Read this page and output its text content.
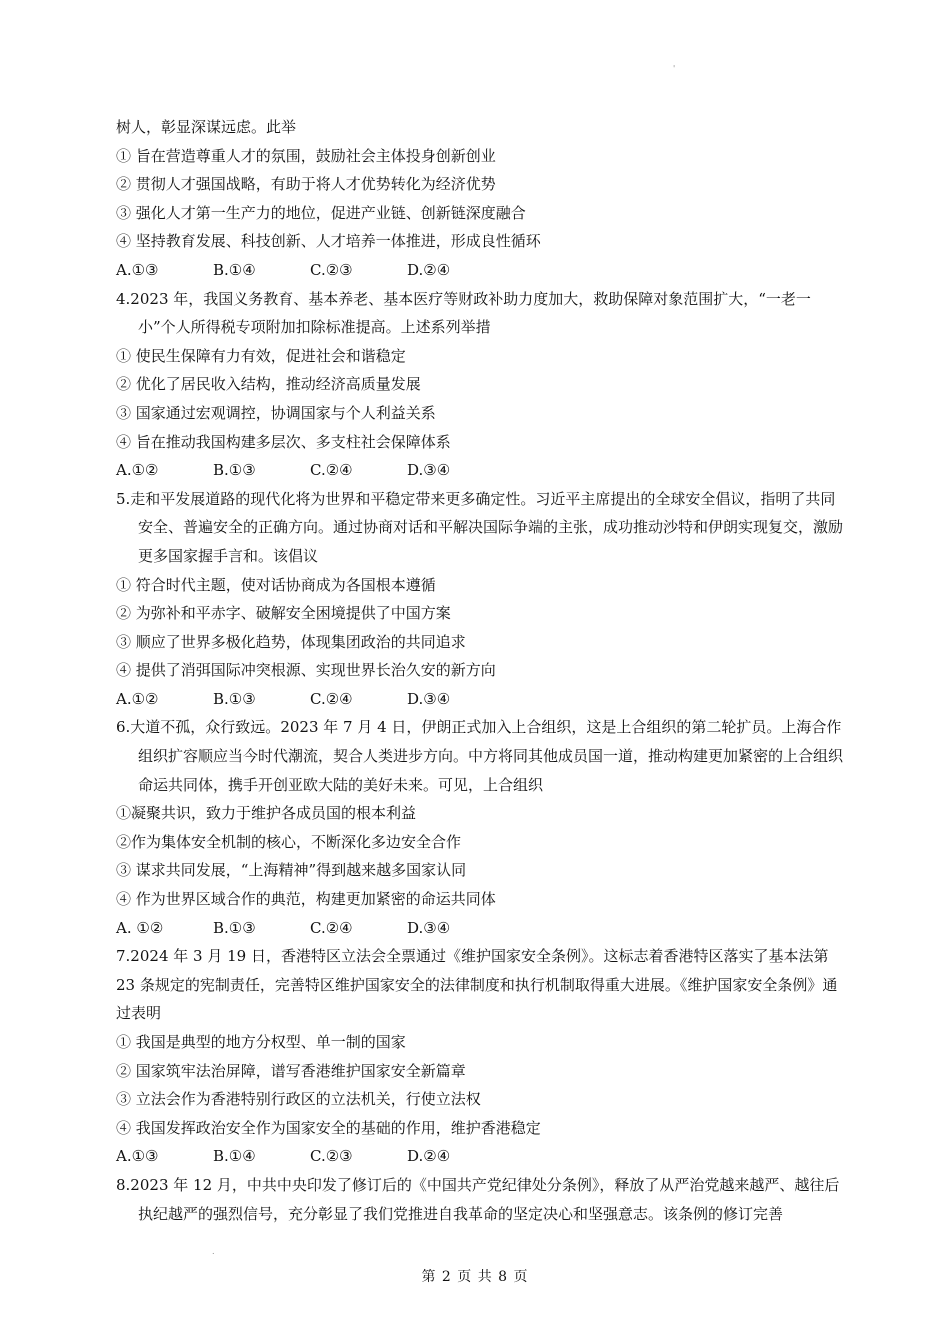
'
树人，彰显深谋远虑。此举
① 旨在营造尊重人才的氛围，鼓励社会主体投身创新创业
② 贯彻人才强国战略，有助于将人才优势转化为经济优势
③ 强化人才第一生产力的地位，促进产业链、创新链深度融合
④ 坚持教育发展、科技创新、人才培养一体推进，形成良性循环
A.①③	B.①④	C.②③	D.②④
4.2023 年，我国义务教育、基本养老、基本医疗等财政补助力度加大，救助保障对象范围扩大，“一老一小”个人所得税专项附加扣除标准提高。上述系列举措
① 使民生保障有力有效，促进社会和谐稳定
② 优化了居民收入结构，推动经济高质量发展
③ 国家通过宏观调控，协调国家与个人利益关系
④ 旨在推动我国构建多层次、多支柱社会保障体系
A.①②	B.①③	C.②④	D.③④
5.走和平发展道路的现代化将为世界和平稳定带来更多确定性。习近平主席提出的全球安全倡议，指明了共同安全、普遍安全的正确方向。通过协商对话和平解决国际争端的主张，成功推动沙特和伊朗实现复交，激励更多国家握手言和。该倡议
① 符合时代主题，使对话协商成为各国根本遵循
② 为弥补和平赤字、破解安全困境提供了中国方案
③ 顺应了世界多极化趋势，体现集团政治的共同追求
④ 提供了消弭国际冲突根源、实现世界长治久安的新方向
A.①②	B.①③	C.②④	D.③④
6.大道不孤，众行致远。2023 年 7 月 4 日，伊朗正式加入上合组织，这是上合组织的第二轮扩员。上海合作组织扩容顺应当今时代潮流，契合人类进步方向。中方将同其他成员国一道，推动构建更加紧密的上合组织命运共同体，携手开创亚欧大陆的美好未来。可见，上合组织
①凝聚共识，致力于维护各成员国的根本利益
②作为集体安全机制的核心，不断深化多边安全合作
③ 谋求共同发展，“上海精神”得到越来越多国家认同
④ 作为世界区域合作的典范，构建更加紧密的命运共同体
A. ①②	B.①③	C.②④	D.③④
7.2024 年 3 月 19 日，香港特区立法会全票通过《维护国家安全条例》。这标志着香港特区落实了基本法第 23 条规定的宪制责任，完善特区维护国家安全的法律制度和执行机制取得重大进展。《维护国家安全条例》通过表明
① 我国是典型的地方分权型、单一制的国家
② 国家筑牢法治屏障，谱写香港维护国家安全新篇章
③ 立法会作为香港特别行政区的立法机关，行使立法权
④ 我国发挥政治安全作为国家安全的基础的作用，维护香港稳定
A.①③	B.①④	C.②③	D.②④
8.2023 年 12 月，中共中央印发了修订后的《中国共产党纪律处分条例》，释放了从严治党越来越严、越往后执纪越严的强烈信号，充分彰显了我们党推进自我革命的坚定决心和坚强意志。该条例的修订完善
.
第 2 页 共 8 页
